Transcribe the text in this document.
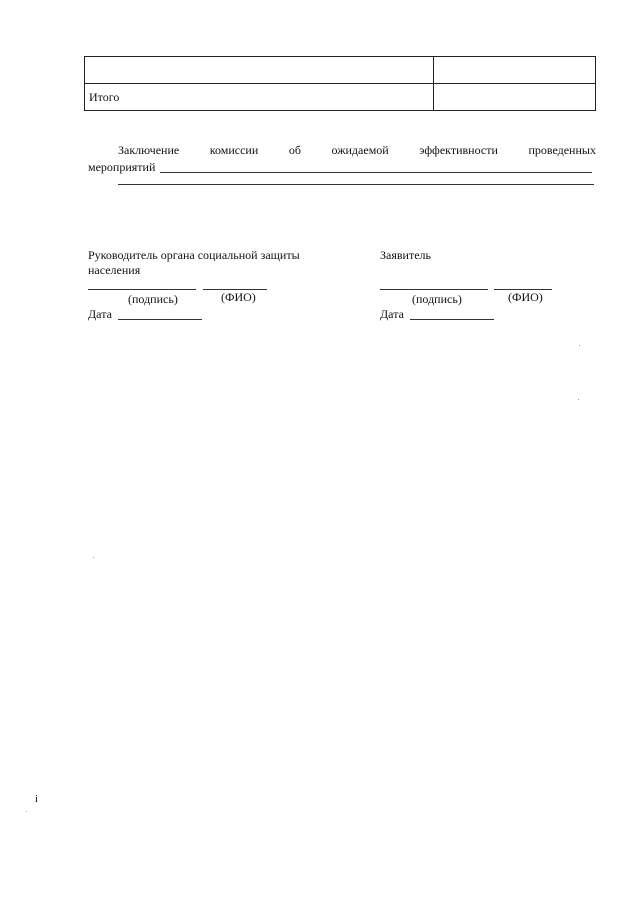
Итого
Заключение	комиссии	об	ожидаемой	эффективности	проведенных
мероприятий
Руководитель органа социальной защиты
населения
(подпись)	(ФИО)
Дата
Заявитель
(подпись)	(ФИО)
Дата
i
